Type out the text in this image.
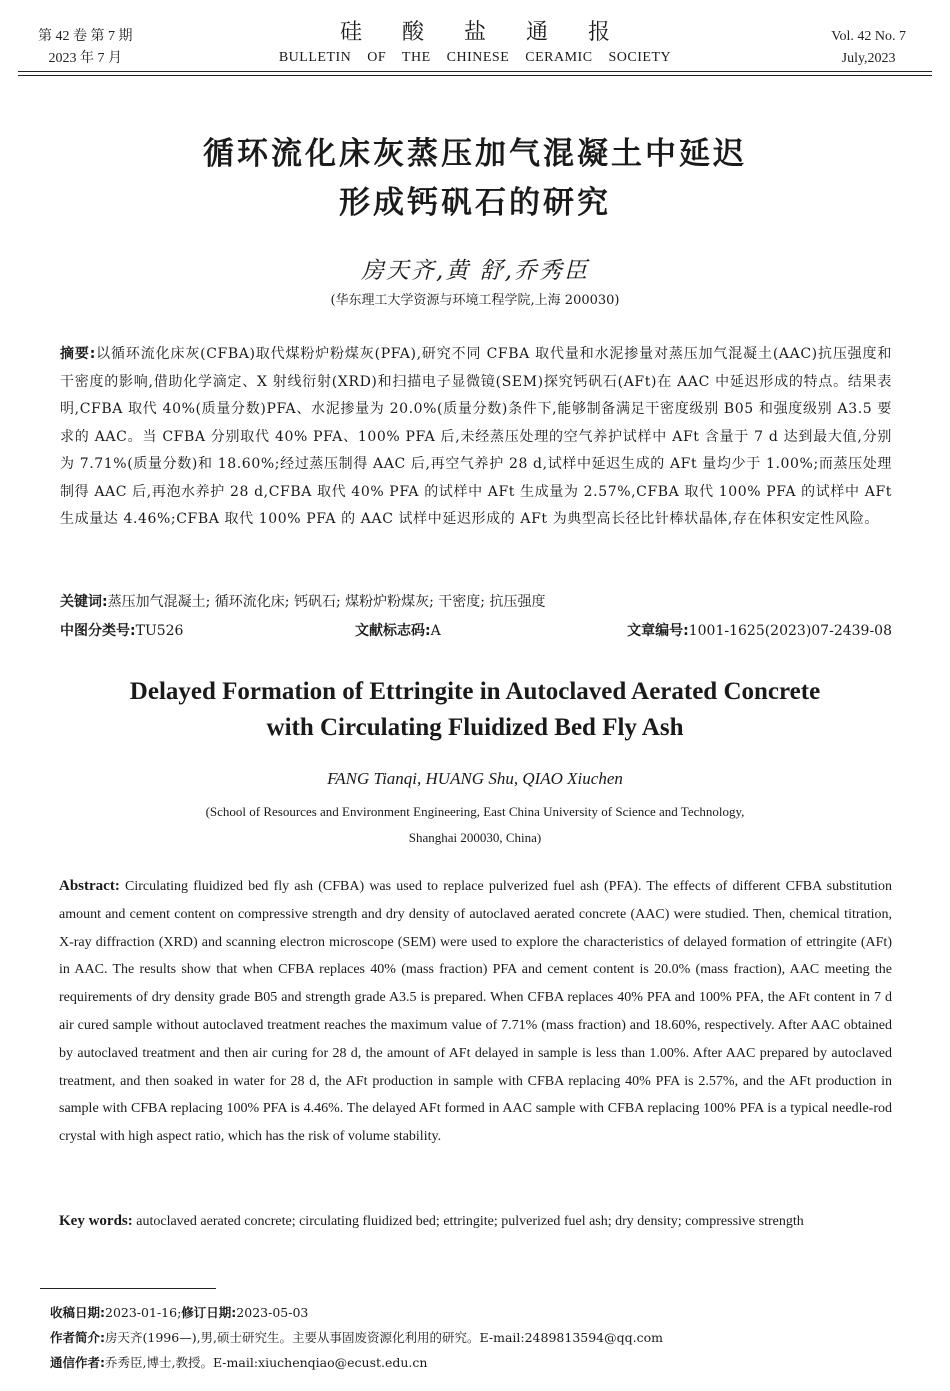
第 42 卷 第 7 期
2023 年 7 月
硅酸盐通报
BULLETIN OF THE CHINESE CERAMIC SOCIETY
Vol. 42 No. 7
July,2023
循环流化床灰蒸压加气混凝土中延迟
形成钙矾石的研究
房天齐,黄 舒,乔秀臣
(华东理工大学资源与环境工程学院,上海 200030)
摘要:以循环流化床灰(CFBA)取代煤粉炉粉煤灰(PFA),研究不同 CFBA 取代量和水泥掺量对蒸压加气混凝土(AAC)抗压强度和干密度的影响,借助化学滴定、X 射线衍射(XRD)和扫描电子显微镜(SEM)探究钙矾石(AFt)在 AAC 中延迟形成的特点。结果表明,CFBA 取代 40%(质量分数)PFA、水泥掺量为 20.0%(质量分数)条件下,能够制备满足干密度级别 B05 和强度级别 A3.5 要求的 AAC。当 CFBA 分别取代 40% PFA、100% PFA 后,未经蒸压处理的空气养护试样中 AFt 含量于 7 d 达到最大值,分别为 7.71%(质量分数)和 18.60%;经过蒸压制得 AAC 后,再空气养护 28 d,试样中延迟生成的 AFt 量均少于 1.00%;而蒸压处理制得 AAC 后,再泡水养护 28 d,CFBA 取代 40% PFA 的试样中 AFt 生成量为 2.57%,CFBA 取代 100% PFA 的试样中 AFt 生成量达 4.46%;CFBA 取代 100% PFA 的 AAC 试样中延迟形成的 AFt 为典型高长径比针棒状晶体,存在体积安定性风险。
关键词:蒸压加气混凝土; 循环流化床; 钙矾石; 煤粉炉粉煤灰; 干密度; 抗压强度
中图分类号:TU526	文献标志码:A	文章编号:1001-1625(2023)07-2439-08
Delayed Formation of Ettringite in Autoclaved Aerated Concrete
with Circulating Fluidized Bed Fly Ash
FANG Tianqi, HUANG Shu, QIAO Xiuchen
(School of Resources and Environment Engineering, East China University of Science and Technology,
Shanghai 200030, China)
Abstract: Circulating fluidized bed fly ash (CFBA) was used to replace pulverized fuel ash (PFA). The effects of different CFBA substitution amount and cement content on compressive strength and dry density of autoclaved aerated concrete (AAC) were studied. Then, chemical titration, X-ray diffraction (XRD) and scanning electron microscope (SEM) were used to explore the characteristics of delayed formation of ettringite (AFt) in AAC. The results show that when CFBA replaces 40% (mass fraction) PFA and cement content is 20.0% (mass fraction), AAC meeting the requirements of dry density grade B05 and strength grade A3.5 is prepared. When CFBA replaces 40% PFA and 100% PFA, the AFt content in 7 d air cured sample without autoclaved treatment reaches the maximum value of 7.71% (mass fraction) and 18.60%, respectively. After AAC obtained by autoclaved treatment and then air curing for 28 d, the amount of AFt delayed in sample is less than 1.00%. After AAC prepared by autoclaved treatment, and then soaked in water for 28 d, the AFt production in sample with CFBA replacing 40% PFA is 2.57%, and the AFt production in sample with CFBA replacing 100% PFA is 4.46%. The delayed AFt formed in AAC sample with CFBA replacing 100% PFA is a typical needle-rod crystal with high aspect ratio, which has the risk of volume stability.
Key words: autoclaved aerated concrete; circulating fluidized bed; ettringite; pulverized fuel ash; dry density; compressive strength
收稿日期:2023-01-16;修订日期:2023-05-03
作者简介:房天齐(1996—),男,硕士研究生。主要从事固废资源化利用的研究。E-mail:2489813594@qq.com
通信作者:乔秀臣,博士,教授。E-mail:xiuchenqiao@ecust.edu.cn
